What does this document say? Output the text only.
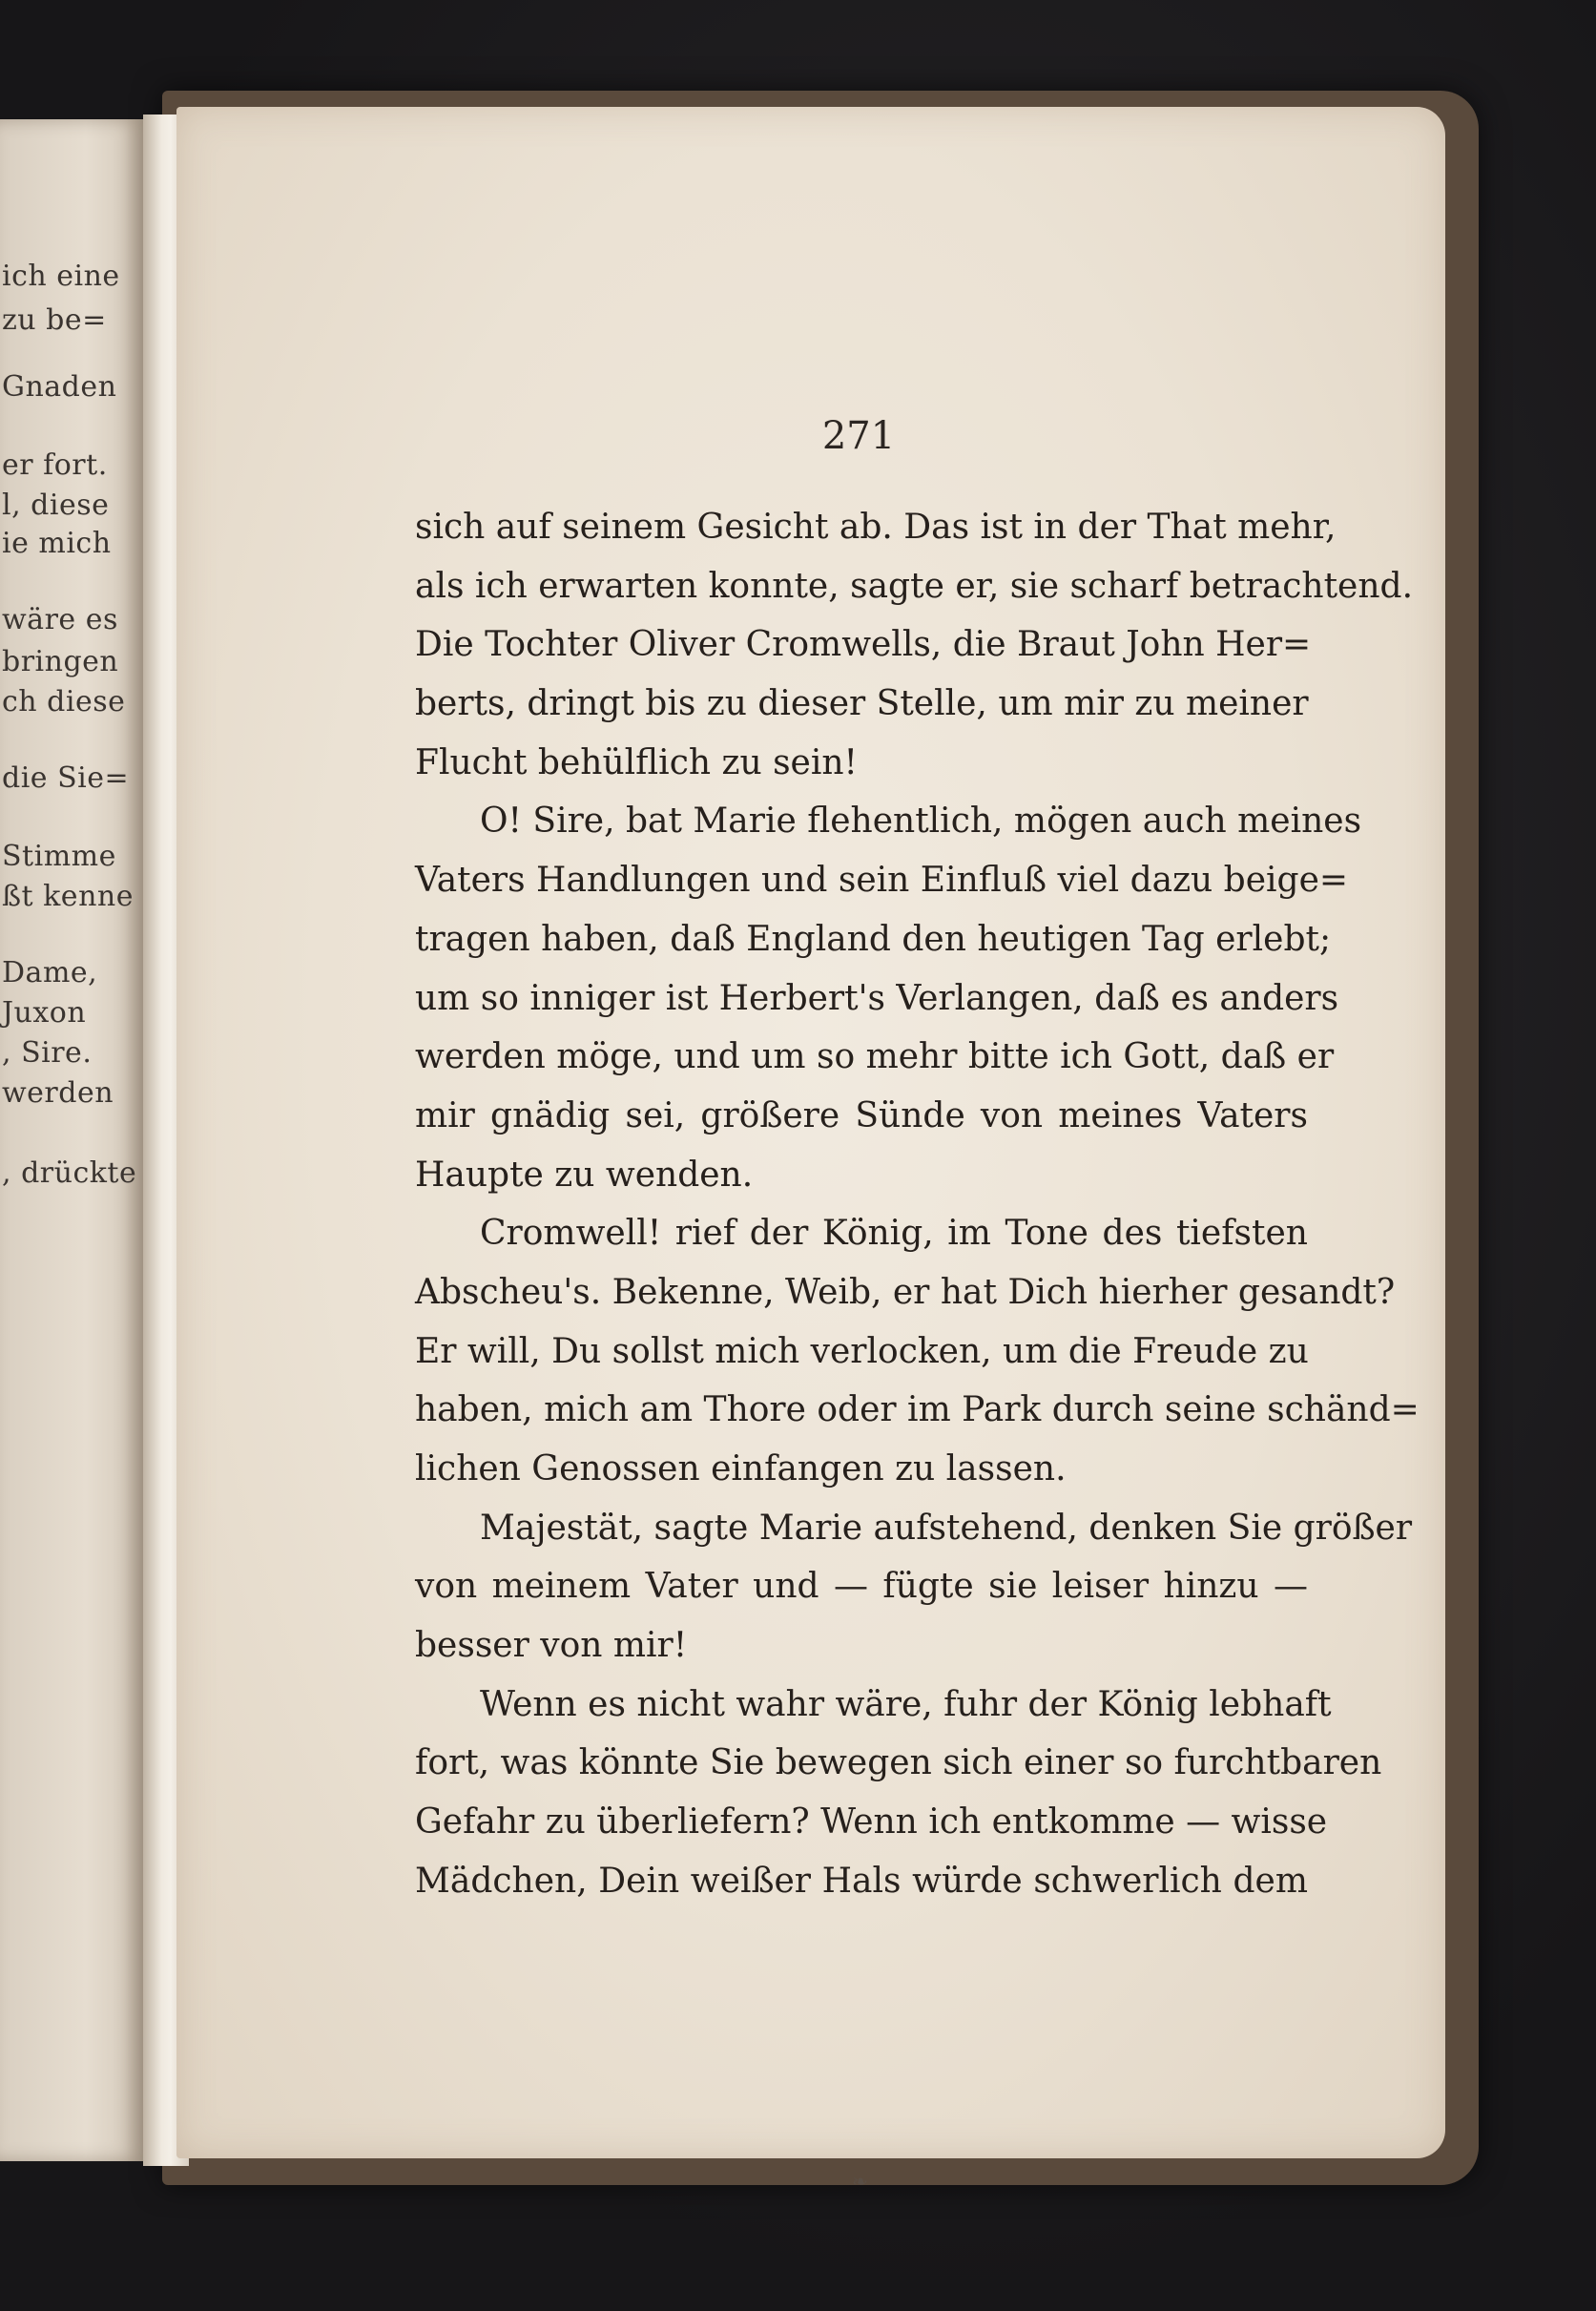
ich eine
zu be=
Gnaden
er fort.
l, diese
ie mich
wäre es
bringen
ch diese
die Sie=
Stimme
ßt kenne
Dame,
Juxon
, Sire.
werden
, drückte
271
sich auf seinem Gesicht ab. Das ist in der That mehr,
als ich erwarten konnte, sagte er, sie scharf betrachtend.
Die Tochter Oliver Cromwells, die Braut John Her=
berts, dringt bis zu dieser Stelle, um mir zu meiner
Flucht behülflich zu sein!
O! Sire, bat Marie flehentlich, mögen auch meines
Vaters Handlungen und sein Einfluß viel dazu beige=
tragen haben, daß England den heutigen Tag erlebt;
um so inniger ist Herbert's Verlangen, daß es anders
werden möge, und um so mehr bitte ich Gott, daß er
mir gnädig sei, größere Sünde von meines Vaters
Haupte zu wenden.
Cromwell! rief der König, im Tone des tiefsten
Abscheu's. Bekenne, Weib, er hat Dich hierher gesandt?
Er will, Du sollst mich verlocken, um die Freude zu
haben, mich am Thore oder im Park durch seine schänd=
lichen Genossen einfangen zu lassen.
Majestät, sagte Marie aufstehend, denken Sie größer
von meinem Vater und — fügte sie leiser hinzu —
besser von mir!
Wenn es nicht wahr wäre, fuhr der König lebhaft
fort, was könnte Sie bewegen sich einer so furchtbaren
Gefahr zu überliefern? Wenn ich entkomme — wisse
Mädchen, Dein weißer Hals würde schwerlich dem
❧
